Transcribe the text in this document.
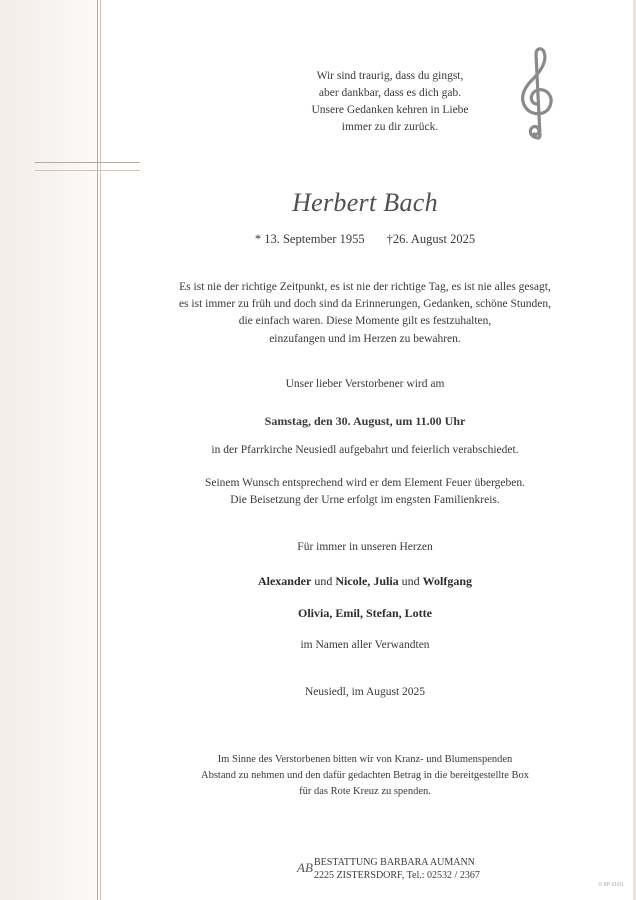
Wir sind traurig, dass du gingst,
aber dankbar, dass es dich gab.
Unsere Gedanken kehren in Liebe
immer zu dir zurück.
Herbert Bach
* 13. September 1955 †26. August 2025
Es ist nie der richtige Zeitpunkt, es ist nie der richtige Tag, es ist nie alles gesagt,
es ist immer zu früh und doch sind da Erinnerungen, Gedanken, schöne Stunden,
die einfach waren. Diese Momente gilt es festzuhalten,
einzufangen und im Herzen zu bewahren.
Unser lieber Verstorbener wird am
Samstag, den 30. August, um 11.00 Uhr
in der Pfarrkirche Neusiedl aufgebahrt und feierlich verabschiedet.
Seinem Wunsch entsprechend wird er dem Element Feuer übergeben.
Die Beisetzung der Urne erfolgt im engsten Familienkreis.
Für immer in unseren Herzen
Alexander und Nicole, Julia und Wolfgang
Olivia, Emil, Stefan, Lotte
im Namen aller Verwandten
Neusiedl, im August 2025
Im Sinne des Verstorbenen bitten wir von Kranz- und Blumenspenden
Abstand zu nehmen und den dafür gedachten Betrag in die bereitgestellte Box
für das Rote Kreuz zu spenden.
AB BESTATTUNG BARBARA AUMANN
2225 ZISTERSDORF, Tel.: 02532 / 2367
© BP 01/01
